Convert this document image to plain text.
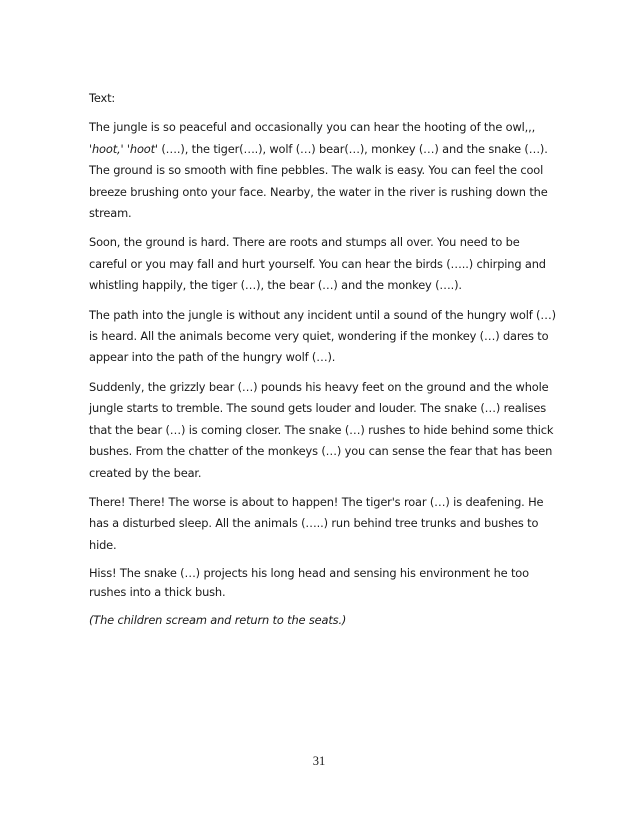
Text:

The jungle is so peaceful and occasionally you can hear the hooting of the owl,,,
'hoot,' 'hoot' (….), the tiger(….), wolf (…) bear(…), monkey (…) and the snake (…). The ground is so smooth with fine pebbles. The walk is easy. You can feel the cool breeze brushing onto your face. Nearby, the water in the river is rushing down the stream.

Soon, the ground is hard. There are roots and stumps all over. You need to be careful or you may fall and hurt yourself. You can hear the birds (…..) chirping and whistling happily, the tiger (…), the bear (…) and the monkey (….).

The path into the jungle is without any incident until a sound of the hungry wolf (…) is heard. All the animals become very quiet, wondering if the monkey (…) dares to appear into the path of the hungry wolf (…).

Suddenly, the grizzly bear (…) pounds his heavy feet on the ground and the whole jungle starts to tremble. The sound gets louder and louder. The snake (…) realises that the bear (…) is coming closer. The snake (…) rushes to hide behind some thick bushes. From the chatter of the monkeys (…) you can sense the fear that has been created by the bear.

There! There! The worse is about to happen! The tiger's roar (…) is deafening. He has a disturbed sleep. All the animals (…..) run behind tree trunks and bushes to hide.

Hiss! The snake (…) projects his long head and sensing his environment he too rushes into a thick bush.

(The children scream and return to the seats.)

31
